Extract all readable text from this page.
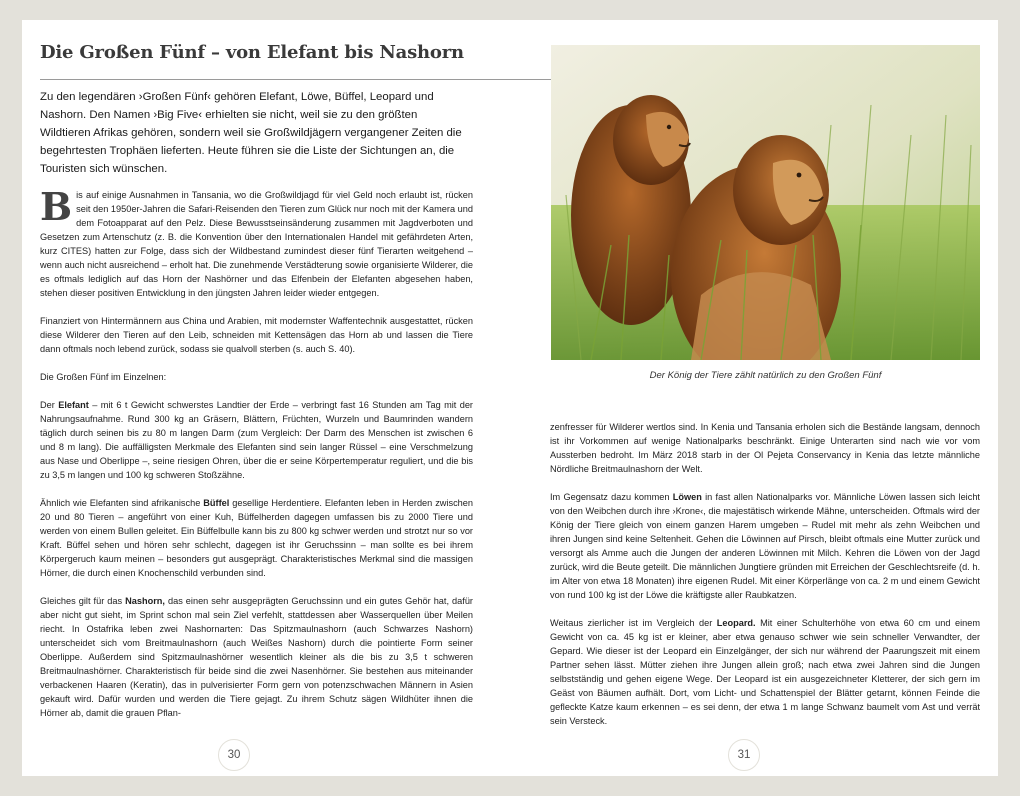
Die Großen Fünf – von Elefant bis Nashorn

Zu den legendären ›Großen Fünf‹ gehören Elefant, Löwe, Büffel, Leopard und Nashorn. Den Namen ›Big Five‹ erhielten sie nicht, weil sie zu den größten Wildtieren Afrikas gehören, sondern weil sie Großwildjägern vergangener Zeiten die begehrtesten Trophäen lieferten. Heute führen sie die Liste der Sichtungen an, die Touristen sich wünschen.

Bis auf einige Ausnahmen in Tansania, wo die Großwildjagd für viel Geld noch erlaubt ist, rücken seit den 1950er-Jahren die Safari-Reisenden den Tieren zum Glück nur noch mit der Kamera und dem Fotoapparat auf den Pelz. Diese Bewusstseinsänderung zusammen mit Jagdverboten und Gesetzen zum Artenschutz (z. B. die Konvention über den Internationalen Handel mit gefährdeten Arten, kurz CITES) hatten zur Folge, dass sich der Wildbestand zumindest dieser fünf Tierarten weitgehend – wenn auch nicht ausreichend – erholt hat. Die zunehmende Verstädterung sowie organisierte Wilderer, die es oftmals lediglich auf das Horn der Nashörner und das Elfenbein der Elefanten abgesehen haben, stehen dieser positiven Entwicklung in den jüngsten Jahren leider wieder entgegen.

Finanziert von Hintermännern aus China und Arabien, mit modernster Waffentechnik ausgestattet, rücken diese Wilderer den Tieren auf den Leib, schneiden mit Kettensägen das Horn ab und lassen die Tiere dann oftmals noch lebend zurück, sodass sie qualvoll sterben (s. auch S. 40).

Die Großen Fünf im Einzelnen:

Der Elefant – mit 6 t Gewicht schwerstes Landtier der Erde – verbringt fast 16 Stunden am Tag mit der Nahrungsaufnahme. Rund 300 kg an Gräsern, Blättern, Früchten, Wurzeln und Baumrinden wandern täglich durch seinen bis zu 80 m langen Darm (zum Vergleich: Der Darm des Menschen ist zwischen 6 und 8 m lang). Die auffälligsten Merkmale des Elefanten sind sein langer Rüssel – eine Verschmelzung aus Nase und Oberlippe –, seine riesigen Ohren, über die er seine Körpertemperatur reguliert, und die bis zu 3,5 m langen und 100 kg schweren Stoßzähne.

Ähnlich wie Elefanten sind afrikanische Büffel gesellige Herdentiere. Elefanten leben in Herden zwischen 20 und 80 Tieren – angeführt von einer Kuh, Büffelherden dagegen umfassen bis zu 2000 Tiere und werden von einem Bullen geleitet. Ein Büffelbulle kann bis zu 800 kg schwer werden und strotzt nur so vor Kraft. Büffel sehen und hören sehr schlecht, dagegen ist ihr Geruchssinn – man sollte es bei ihrem Körpergeruch kaum meinen – besonders gut ausgeprägt. Charakteristisches Merkmal sind die massigen Hörner, die durch einen Knochenschild verbunden sind.

Gleiches gilt für das Nashorn, das einen sehr ausgeprägten Geruchssinn und ein gutes Gehör hat, dafür aber nicht gut sieht, im Sprint schon mal sein Ziel verfehlt, stattdessen aber Wasserquellen über Meilen riecht. In Ostafrika leben zwei Nashornarten: Das Spitzmaulnashorn (auch Schwarzes Nashorn) unterscheidet sich vom Breitmaulnashorn (auch Weißes Nashorn) durch die pointierte Form seiner Oberlippe. Außerdem sind Spitzmaulnashörner wesentlich kleiner als die bis zu 3,5 t schweren Breitmaulnashörner. Charakteristisch für beide sind die zwei Nasenhörner. Sie bestehen aus miteinander verbackenen Haaren (Keratin), das in pulverisierter Form gern von potenzschwachen Männern in Asien gekauft wird. Dafür wurden und werden die Tiere gejagt. Zu ihrem Schutz sägen Wildhüter ihnen die Hörner ab, damit die grauen Pflan-

Der König der Tiere zählt natürlich zu den Großen Fünf

zenfresser für Wilderer wertlos sind. In Kenia und Tansania erholen sich die Bestände langsam, dennoch ist ihr Vorkommen auf wenige Nationalparks beschränkt. Einige Unterarten sind nach wie vor vom Aussterben bedroht. Im März 2018 starb in der Ol Pejeta Conservancy in Kenia das letzte männliche Nördliche Breitmaulnashorn der Welt.

Im Gegensatz dazu kommen Löwen in fast allen Nationalparks vor. Männliche Löwen lassen sich leicht von den Weibchen durch ihre ›Krone‹, die majestätisch wirkende Mähne, unterscheiden. Oftmals wird der König der Tiere gleich von einem ganzen Harem umgeben – Rudel mit mehr als zehn Weibchen und ihren Jungen sind keine Seltenheit. Gehen die Löwinnen auf Pirsch, bleibt oftmals eine Mutter zurück und versorgt als Amme auch die Jungen der anderen Löwinnen mit Milch. Kehren die Löwen von der Jagd zurück, wird die Beute geteilt. Die männlichen Jungtiere gründen mit Erreichen der Geschlechtsreife (d. h. im Alter von etwa 18 Monaten) ihre eigenen Rudel. Mit einer Körperlänge von ca. 2 m und einem Gewicht von rund 100 kg ist der Löwe die kräftigste aller Raubkatzen.

Weitaus zierlicher ist im Vergleich der Leopard. Mit einer Schulterhöhe von etwa 60 cm und einem Gewicht von ca. 45 kg ist er kleiner, aber etwa genauso schwer wie sein schneller Verwandter, der Gepard. Wie dieser ist der Leopard ein Einzelgänger, der sich nur während der Paarungszeit mit einem Partner sehen lässt. Mütter ziehen ihre Jungen allein groß; nach etwa zwei Jahren sind die Jungen selbstständig und gehen eigene Wege. Der Leopard ist ein ausgezeichneter Kletterer, der sich gern im Geäst von Bäumen aufhält. Dort, vom Licht- und Schattenspiel der Blätter getarnt, können Feinde die gefleckte Katze kaum erkennen – es sei denn, der etwa 1 m lange Schwanz baumelt vom Ast und verrät sein Versteck.

30	31
